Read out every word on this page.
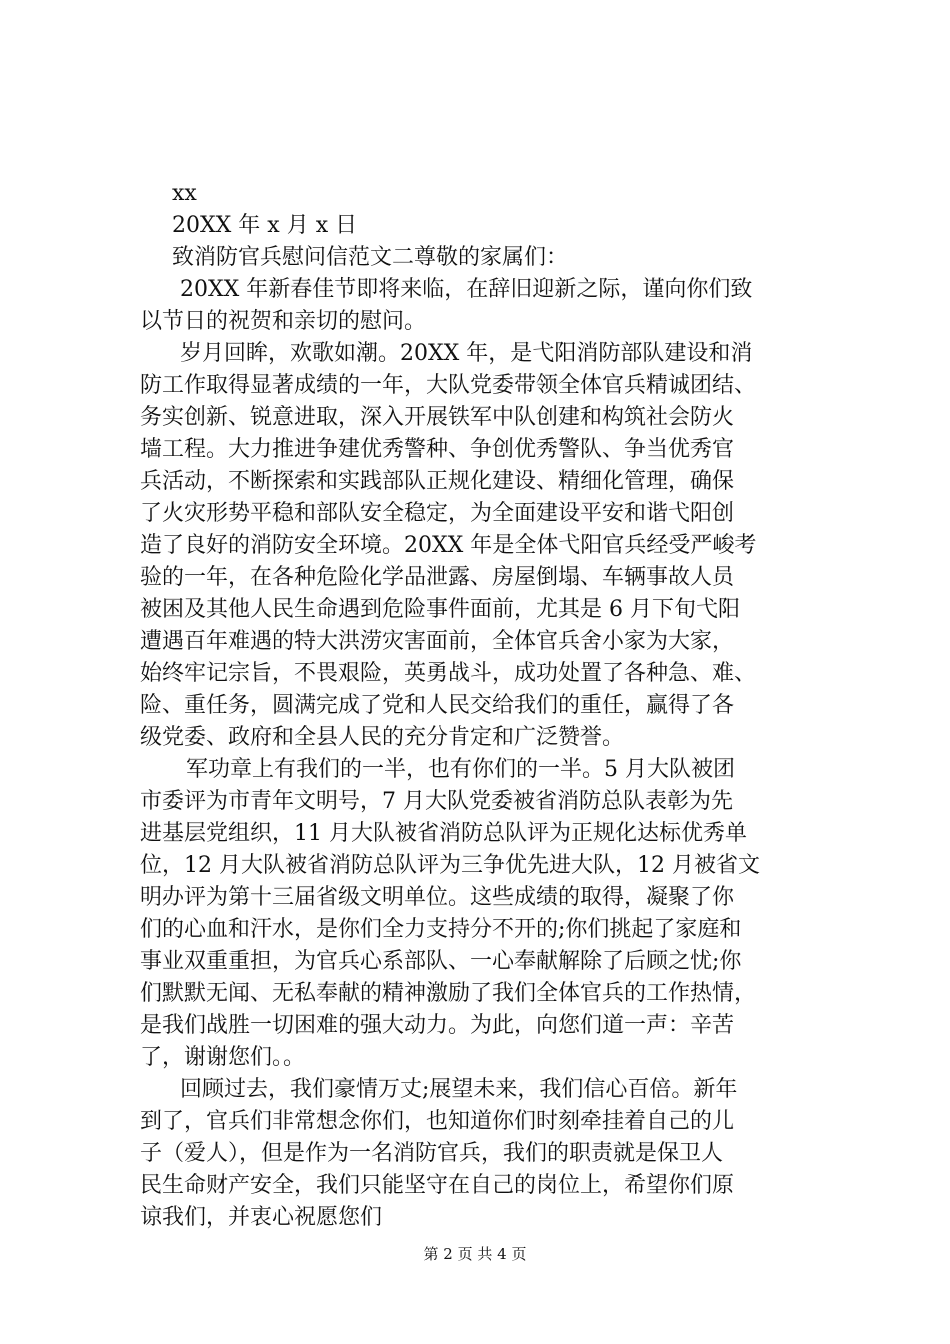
xx
20XX 年 x 月 x 日
致消防官兵慰问信范文二尊敬的家属们：
20XX 年新春佳节即将来临，在辞旧迎新之际，谨向你们致
以节日的祝贺和亲切的慰问。
岁月回眸，欢歌如潮。20XX 年，是弋阳消防部队建设和消
防工作取得显著成绩的一年，大队党委带领全体官兵精诚团结、
务实创新、锐意进取，深入开展铁军中队创建和构筑社会防火
墙工程。大力推进争建优秀警种、争创优秀警队、争当优秀官
兵活动，不断探索和实践部队正规化建设、精细化管理，确保
了火灾形势平稳和部队安全稳定，为全面建设平安和谐弋阳创
造了良好的消防安全环境。20XX 年是全体弋阳官兵经受严峻考
验的一年，在各种危险化学品泄露、房屋倒塌、车辆事故人员
被困及其他人民生命遇到危险事件面前，尤其是 6 月下旬弋阳
遭遇百年难遇的特大洪涝灾害面前，全体官兵舍小家为大家，
始终牢记宗旨，不畏艰险，英勇战斗，成功处置了各种急、难、
险、重任务，圆满完成了党和人民交给我们的重任，赢得了各
级党委、政府和全县人民的充分肯定和广泛赞誉。
军功章上有我们的一半，也有你们的一半。5 月大队被团
市委评为市青年文明号，7 月大队党委被省消防总队表彰为先
进基层党组织，11 月大队被省消防总队评为正规化达标优秀单
位，12 月大队被省消防总队评为三争优先进大队，12 月被省文
明办评为第十三届省级文明单位。这些成绩的取得，凝聚了你
们的心血和汗水，是你们全力支持分不开的;你们挑起了家庭和
事业双重重担，为官兵心系部队、一心奉献解除了后顾之忧;你
们默默无闻、无私奉献的精神激励了我们全体官兵的工作热情，
是我们战胜一切困难的强大动力。为此，向您们道一声：辛苦
了，谢谢您们。。
回顾过去，我们豪情万丈;展望未来，我们信心百倍。新年
到了，官兵们非常想念你们，也知道你们时刻牵挂着自己的儿
子（爱人），但是作为一名消防官兵，我们的职责就是保卫人
民生命财产安全，我们只能坚守在自己的岗位上，希望你们原
谅我们，并衷心祝愿您们
第 2 页 共 4 页
